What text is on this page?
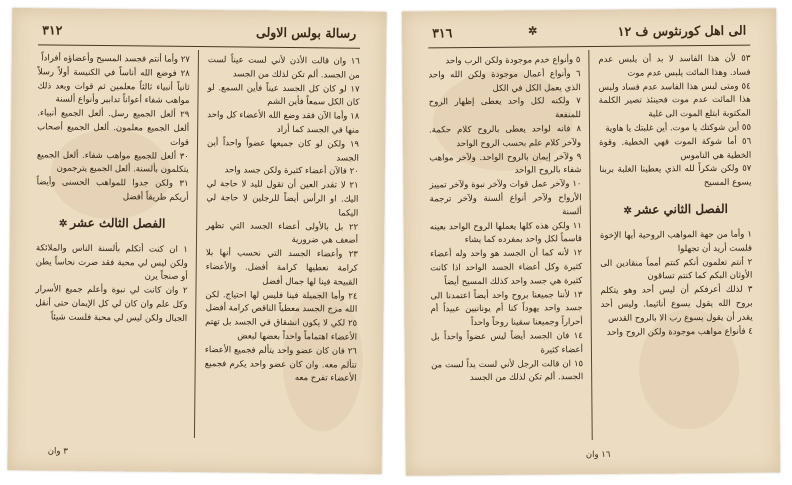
رسالة بولس الاولى
٣١٢

١٦ وان قالت الأذن لأني لست عيناً لست من الجسد. ألم تكن لذلك من الجسد

١٧ لو كان كل الجسد عيناً فأين السمع. لو كان الكل سمعاً فأين الشم

١٨ وأما الآن فقد وضع الله الأعضاء كل واحد منها في الجسد كما أراد

١٩ ولكن لو كان جميعها عضواً واحداً أين الجسد

٢٠ فالآن أعضاء كثيرة ولكن جسد واحد

٢١ لا تقدر العين أن تقول لليد لا حاجة لي اليك. او الرأس أيضاً للرجلين لا حاجة لي اليكما

٢٢ بل بالأولى أعضاء الجسد التي تظهر أضعف هي ضرورية

٢٣ وأعضاء الجسد التي نحسب أنها بلا كرامة نعطيها كرامة أفضل. والأعضاء القبيحة فينا لها جمال أفضل

٢٤ وأما الجميلة فينا فليس لها احتياج. لكن الله مزج الجسد معطياً الناقص كرامة أفضل

٢٥ لكي لا يكون انشقاق في الجسد بل تهتم الأعضاء اهتماماً واحداً بعضها لبعض

٢٦ فان كان عضو واحد يتألم فجميع الأعضاء تتألم معه. وان كان عضو واحد يكرم فجميع الأعضاء تفرح معه

٢٧ وأما أنتم فجسد المسيح وأعضاؤه أفراداً

٢٨ فوضع الله أناساً في الكنيسة أولاً رسلاً ثانياً أنبياء ثالثاً معلمين ثم قوات وبعد ذلك مواهب شفاء أعواناً تدابير وأنواع ألسنة

٢٩ ألعل الجميع رسل. ألعل الجميع أنبياء. ألعل الجميع معلمون. ألعل الجميع أصحاب قوات

٣٠ ألعل للجميع مواهب شفاء. ألعل الجميع يتكلمون بألسنة. ألعل الجميع يترجمون

٣١ ولكن جدوا للمواهب الحسنى وأيضاً أريكم طريقاً أفضل

الفصل الثالث عشر✲

١ ان كنت أتكلم بألسنة الناس والملائكة ولكن ليس لي محبة فقد صرت نحاساً يطن أو صنجاً يرن

٢ وان كانت لي نبوة وأعلم جميع الأسرار وكل علم وان كان لي كل الإيمان حتى أنقل الجبال ولكن ليس لي محبة فلست شيئاً

٣ وان
الى اهل كورنثوس ف ١٢
✲
٣١٦

٥٣ لأن هذا الفاسد لا بد أن يلبس عدم فساد. وهذا المائت يلبس عدم موت

٥٤ ومتى لبس هذا الفاسد عدم فساد ولبس هذا المائت عدم موت فحينئذ تصير الكلمة المكتوبة ابتلع الموت الى غلبة

٥٥ أين شوكتك يا موت. أين غلبتك يا هاوية

٥٦ أما شوكة الموت فهي الخطية. وقوة الخطية هي الناموس

٥٧ ولكن شكراً لله الذي يعطينا الغلبة بربنا يسوع المسيح

الفصل الثاني عشر✲

١ وأما من جهة المواهب الروحية أيها الإخوة فلست أريد أن تجهلوا

٢ أنتم تعلمون أنكم كنتم أمماً منقادين الى الأوثان البكم كما كنتم تساقون

٣ لذلك أعرفكم أن ليس أحد وهو يتكلم بروح الله يقول يسوع أناثيما. وليس أحد يقدر أن يقول يسوع رب الا بالروح القدس

٤ فأنواع مواهب موجودة ولكن الروح واحد

٥ وأنواع خدم موجودة ولكن الرب واحد

٦ وأنواع أعمال موجودة ولكن الله واحد الذي يعمل الكل في الكل

٧ ولكنه لكل واحد يعطى إظهار الروح للمنفعة

٨ فانه لواحد يعطى بالروح كلام حكمة. ولآخر كلام علم بحسب الروح الواحد

٩ ولآخر إيمان بالروح الواحد. ولآخر مواهب شفاء بالروح الواحد

١٠ ولآخر عمل قوات ولآخر نبوة ولآخر تمييز الأرواح ولآخر أنواع ألسنة ولآخر ترجمة ألسنة

١١ ولكن هذه كلها يعملها الروح الواحد بعينه قاسماً لكل واحد بمفرده كما يشاء

١٢ لأنه كما أن الجسد هو واحد وله أعضاء كثيرة وكل أعضاء الجسد الواحد اذا كانت كثيرة هي جسد واحد كذلك المسيح أيضاً

١٣ لأننا جميعنا بروح واحد أيضاً اعتمدنا الى جسد واحد يهوداً كنا أم يونانيين عبيداً أم أحراراً وجميعنا سقينا روحاً واحداً

١٤ فان الجسد أيضاً ليس عضواً واحداً بل أعضاء كثيرة

١٥ ان قالت الرجل لأني لست يداً لست من الجسد. ألم تكن لذلك من الجسد

١٦ وان
